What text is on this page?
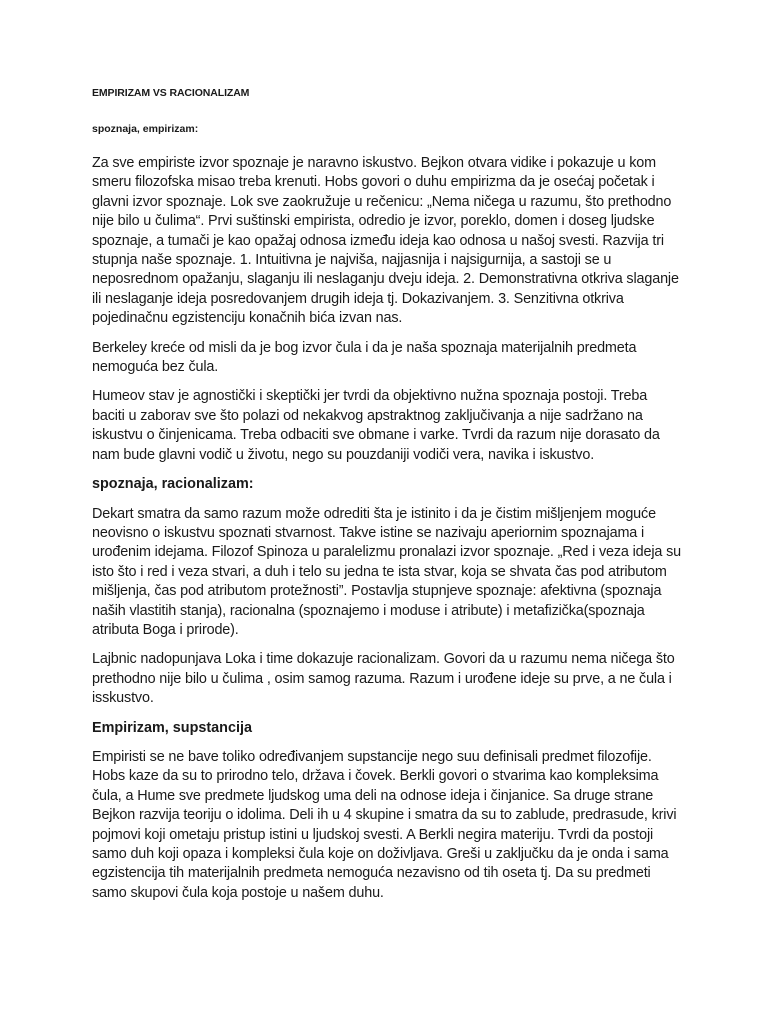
EMPIRIZAM VS RACIONALIZAM

spoznaja, empirizam:

Za sve empiriste izvor spoznaje je naravno iskustvo. Bejkon otvara vidike i pokazuje u kom smeru filozofska misao treba krenuti. Hobs govori o duhu empirizma da je osećaj početak i glavni izvor spoznaje. Lok sve zaokružuje u rečenicu: „Nema ničega u razumu, što prethodno nije bilo u čulima“. Prvi suštinski empirista, odredio je izvor, poreklo, domen i doseg ljudske spoznaje, a tumači je kao opažaj odnosa između ideja kao odnosa u našoj svesti. Razvija tri stupnja naše spoznaje. 1. Intuitivna je najviša, najjasnija i najsigurnija, a sastoji se u neposrednom opažanju, slaganju ili neslaganju dveju ideja. 2. Demonstrativna otkriva slaganje ili neslaganje ideja posredovanjem drugih ideja tj. Dokazivanjem. 3. Senzitivna otkriva pojedinačnu egzistenciju konačnih bića izvan nas.

Berkeley kreće od misli da je bog izvor čula i da je naša spoznaja materijalnih predmeta nemoguća bez čula.

Humeov stav je agnostički i skeptički jer tvrdi da objektivno nužna spoznaja postoji. Treba baciti u zaborav sve što polazi od nekakvog apstraktnog zaključivanja a nije sadržano na iskustvu o činjenicama. Treba odbaciti sve obmane i varke. Tvrdi da razum nije dorasato da nam bude glavni vodič u životu, nego su pouzdaniji vodiči vera, navika i iskustvo.

spoznaja, racionalizam:

Dekart smatra da samo razum može odrediti šta je istinito i da je čistim mišljenjem moguće neovisno o iskustvu spoznati stvarnost. Takve istine se nazivaju aperiornim spoznajama i urođenim idejama. Filozof Spinoza u paralelizmu pronalazi izvor spoznaje. „Red i veza ideja su isto što i red i veza stvari, a duh i telo su jedna te ista stvar, koja se shvata čas pod atributom mišljenja, čas pod atributom protežnosti”. Postavlja stupnjeve spoznaje: afektivna (spoznaja naših vlastitih stanja), racionalna (spoznajemo i moduse i atribute) i metafizička(spoznaja atributa Boga i prirode).

Lajbnic nadopunjava Loka i time dokazuje racionalizam. Govori da u razumu nema ničega što prethodno nije bilo u čulima , osim samog razuma. Razum i urođene ideje su prve, a ne čula i isskustvo.

Empirizam, supstancija

Empiristi se ne bave toliko određivanjem supstancije nego suu definisali predmet filozofije. Hobs kaze da su to prirodno telo, država i čovek. Berkli govori o stvarima kao kompleksima čula, a Hume sve predmete ljudskog uma deli na odnose ideja i činjanice. Sa druge strane Bejkon razvija teoriju o idolima. Deli ih u 4 skupine i smatra da su to zablude, predrasude, krivi pojmovi koji ometaju pristup istini u ljudskoj svesti. A Berkli negira materiju. Tvrdi da postoji samo duh koji opaza i kompleksi čula koje on doživljava. Greši u zaključku da je onda i sama egzistencija tih materijalnih predmeta nemoguća nezavisno od tih oseta tj. Da su predmeti samo skupovi čula koja postoje u našem duhu.
